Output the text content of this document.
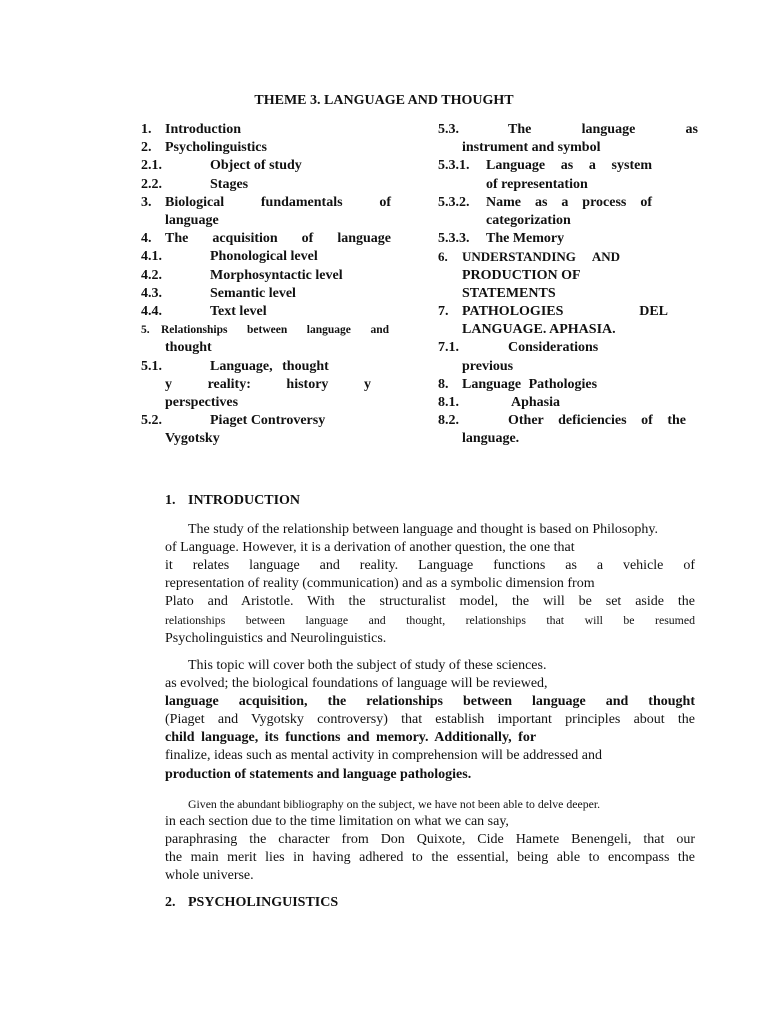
THEME 3. LANGUAGE AND THOUGHT
1. Introduction
2. Psycholinguistics
2.1.	Object of study
2.2.	Stages
3. Biological fundamentals of
language
4. The acquisition of language
4.1.	Phonological level
4.2.	Morphosyntactic level
4.3.	Semantic level
4.4.	Text level
5. Relationships between language and
thought
5.1.	Language, thought
y reality: history y
perspectives
5.2.	Piaget Controversy
Vygotsky
5.3.	The language as
instrument and symbol
5.3.1.	Language as a system
of representation
5.3.2.	Name as a process of
categorization
5.3.3.	The Memory
6.	UNDERSTANDING AND
PRODUCTION OF
STATEMENTS
7. PATHOLOGIES DEL
LANGUAGE. APHASIA.
7.1.	Considerations
previous
8. Language Pathologies
8.1.	Aphasia
8.2.	Other deficiencies of the
language.
1. INTRODUCTION
The study of the relationship between language and thought is based on Philosophy.
of Language. However, it is a derivation of another question, the one that
it relates language and reality. Language functions as a vehicle of
representation of reality (communication) and as a symbolic dimension from
Plato and Aristotle. With the structuralist model, the will be set aside the
relationships between language and thought, relationships that will be resumed
Psycholinguistics and Neurolinguistics.
This topic will cover both the subject of study of these sciences.
as evolved; the biological foundations of language will be reviewed,
language acquisition, the relationships between language and thought
(Piaget and Vygotsky controversy) that establish important principles about the
child language, its functions and memory. Additionally, for
finalize, ideas such as mental activity in comprehension will be addressed and
production of statements and language pathologies.
Given the abundant bibliography on the subject, we have not been able to delve deeper.
in each section due to the time limitation on what we can say,
paraphrasing the character from Don Quixote, Cide Hamete Benengeli, that our
the main merit lies in having adhered to the essential, being able to encompass the
whole universe.
2. PSYCHOLINGUISTICS
